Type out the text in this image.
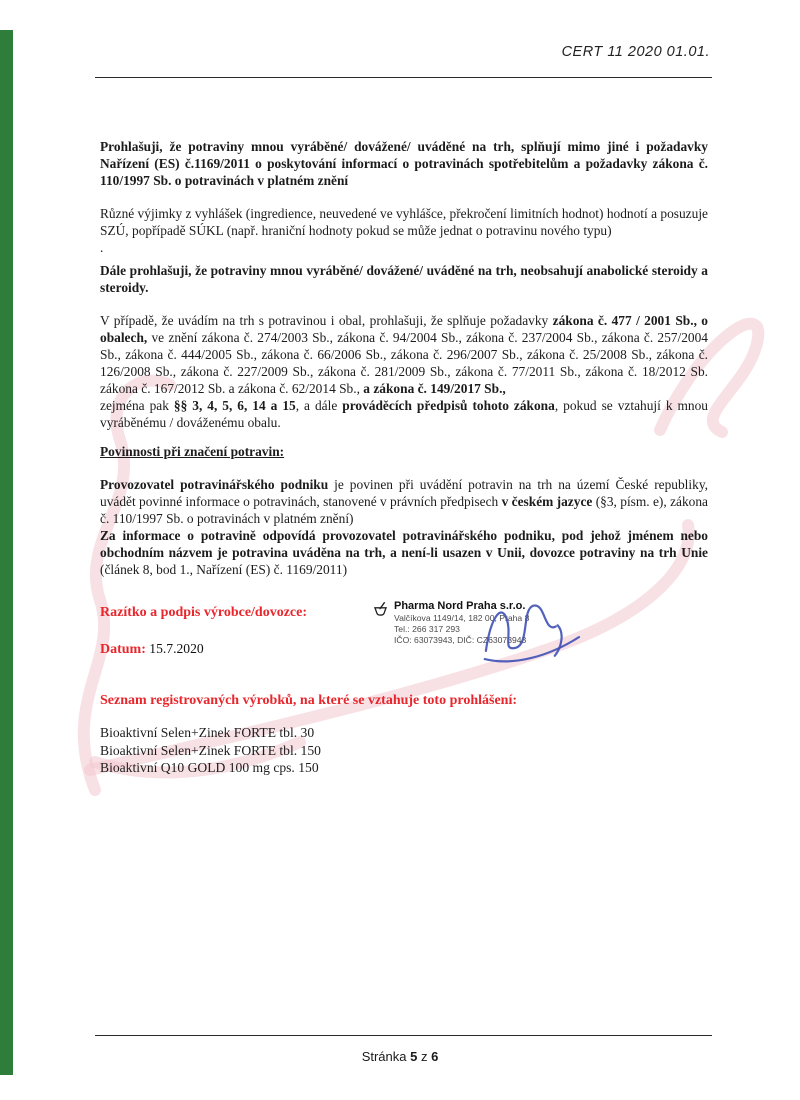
CERT 11 2020 01.01.

Prohlašuji, že potraviny mnou vyráběné/ dovážené/ uváděné na trh, splňují mimo jiné i požadavky Nařízení (ES) č.1169/2011 o poskytování informací o potravinách spotřebitelům a požadavky zákona č. 110/1997 Sb. o potravinách v platném znění

Různé výjimky z vyhlášek (ingredience, neuvedené ve vyhlášce, překročení limitních hodnot) hodnotí a posuzuje SZÚ, popřípadě SÚKL (např. hraniční hodnoty pokud se může jednat o potravinu nového typu)

.

Dále prohlašuji, že potraviny mnou vyráběné/ dovážené/ uváděné na trh, neobsahují anabolické steroidy a steroidy.

V případě, že uvádím na trh s potravinou i obal, prohlašuji, že splňuje požadavky zákona č. 477 / 2001 Sb., o obalech, ve znění zákona č. 274/2003 Sb., zákona č. 94/2004 Sb., zákona č. 237/2004 Sb., zákona č. 257/2004 Sb., zákona č. 444/2005 Sb., zákona č. 66/2006 Sb., zákona č. 296/2007 Sb., zákona č. 25/2008 Sb., zákona č. 126/2008 Sb., zákona č. 227/2009 Sb., zákona č. 281/2009 Sb., zákona č. 77/2011 Sb., zákona č. 18/2012 Sb. zákona č. 167/2012 Sb. a zákona č. 62/2014 Sb., a zákona č. 149/2017 Sb.,

zejména pak §§ 3, 4, 5, 6, 14 a 15, a dále prováděcích předpisů tohoto zákona, pokud se vztahují k mnou vyráběnému / dováženému obalu.

Povinnosti při značení potravin:

Provozovatel potravinářského podniku je povinen při uvádění potravin na trh na území České republiky, uvádět povinné informace o potravinách, stanovené v právních předpisech v českém jazyce (§3, písm. e), zákona č. 110/1997 Sb. o potravinách v platném znění)

Za informace o potravině odpovídá provozovatel potravinářského podniku, pod jehož jménem nebo obchodním názvem je potravina uváděna na trh, a není-li usazen v Unii, dovozce potraviny na trh Unie (článek 8, bod 1., Nařízení (ES) č. 1169/2011)

Razítko a podpis výrobce/dovozce:
Datum: 15.7.2020
Pharma Nord Praha s.r.o.
Valčíkova 1149/14, 182 00, Praha 8
Tel.: 266 317 293
IČO: 63073943, DIČ: CZ63073943
Seznam registrovaných výrobků, na které se vztahuje toto prohlášení:
Bioaktivní Selen+Zinek FORTE tbl. 30
Bioaktivní Selen+Zinek FORTE tbl. 150
Bioaktivní Q10 GOLD 100 mg cps. 150
Stránka 5 z 6
